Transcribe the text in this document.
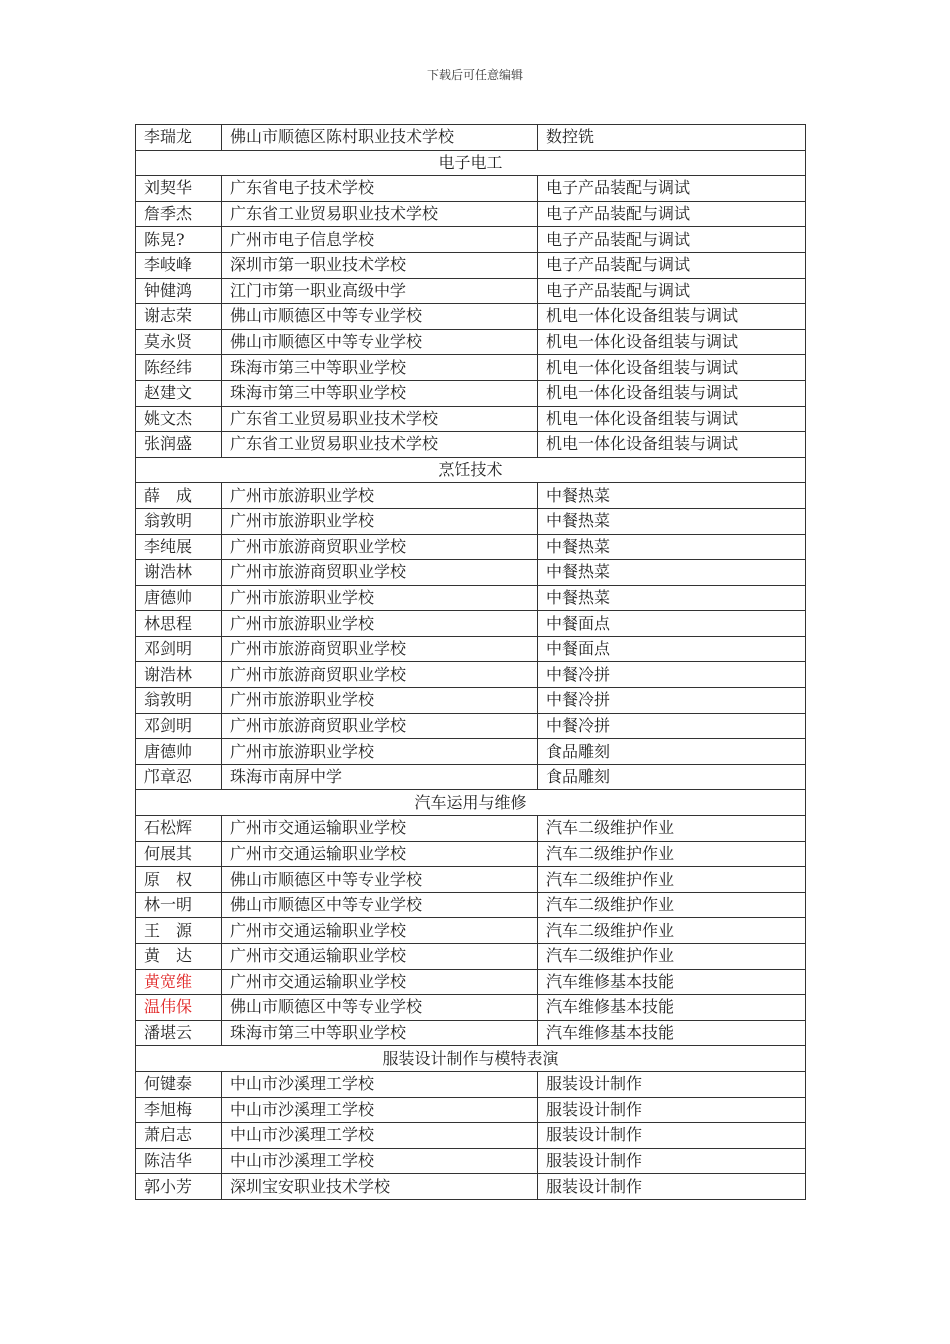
下载后可任意编辑
李瑞龙	佛山市顺德区陈村职业技术学校	数控铣
电子电工		
刘契华	广东省电子技术学校	电子产品装配与调试
詹季杰	广东省工业贸易职业技术学校	电子产品装配与调试
陈晃?	广州市电子信息学校	电子产品装配与调试
李岐峰	深圳市第一职业技术学校	电子产品装配与调试
钟健鸿	江门市第一职业高级中学	电子产品装配与调试
谢志荣	佛山市顺德区中等专业学校	机电一体化设备组装与调试
莫永贤	佛山市顺德区中等专业学校	机电一体化设备组装与调试
陈经纬	珠海市第三中等职业学校	机电一体化设备组装与调试
赵建文	珠海市第三中等职业学校	机电一体化设备组装与调试
姚文杰	广东省工业贸易职业技术学校	机电一体化设备组装与调试
张润盛	广东省工业贸易职业技术学校	机电一体化设备组装与调试
烹饪技术		
薛　成	广州市旅游职业学校	中餐热菜
翁敦明	广州市旅游职业学校	中餐热菜
李纯展	广州市旅游商贸职业学校	中餐热菜
谢浩林	广州市旅游商贸职业学校	中餐热菜
唐德帅	广州市旅游职业学校	中餐热菜
林思程	广州市旅游职业学校	中餐面点
邓剑明	广州市旅游商贸职业学校	中餐面点
谢浩林	广州市旅游商贸职业学校	中餐冷拼
翁敦明	广州市旅游职业学校	中餐冷拼
邓剑明	广州市旅游商贸职业学校	中餐冷拼
唐德帅	广州市旅游职业学校	食品雕刻
邝章忍	珠海市南屏中学	食品雕刻
汽车运用与维修		
石松辉	广州市交通运输职业学校	汽车二级维护作业
何展其	广州市交通运输职业学校	汽车二级维护作业
原　权	佛山市顺德区中等专业学校	汽车二级维护作业
林一明	佛山市顺德区中等专业学校	汽车二级维护作业
王　源	广州市交通运输职业学校	汽车二级维护作业
黄　达	广州市交通运输职业学校	汽车二级维护作业
黄宽维	广州市交通运输职业学校	汽车维修基本技能
温伟保	佛山市顺德区中等专业学校	汽车维修基本技能
潘堪云	珠海市第三中等职业学校	汽车维修基本技能
服装设计制作与模特表演		
何键泰	中山市沙溪理工学校	服装设计制作
李旭梅	中山市沙溪理工学校	服装设计制作
萧启志	中山市沙溪理工学校	服装设计制作
陈洁华	中山市沙溪理工学校	服装设计制作
郭小芳	深圳宝安职业技术学校	服装设计制作
